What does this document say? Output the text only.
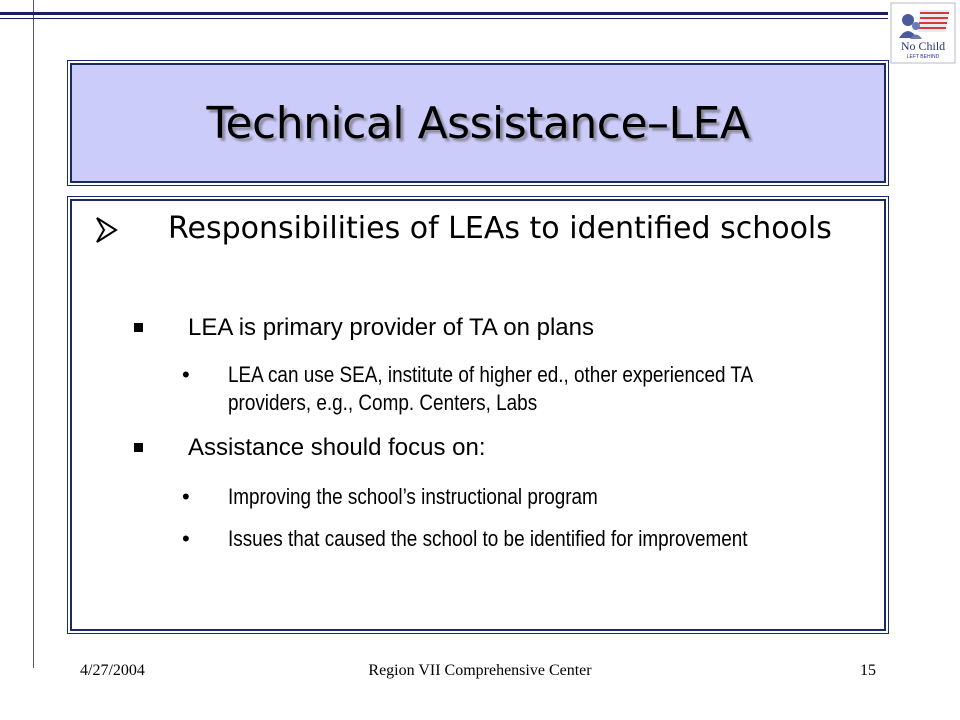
No Child
LEFT BEHIND
Technical Assistance–LEA
Responsibilities of LEAs to identified schools
LEA is primary provider of TA on plans
• LEA can use SEA, institute of higher ed., other experienced TA providers, e.g., Comp. Centers, Labs
Assistance should focus on:
• Improving the school’s instructional program
• Issues that caused the school to be identified for improvement
4/27/2004	Region VII Comprehensive Center	15
